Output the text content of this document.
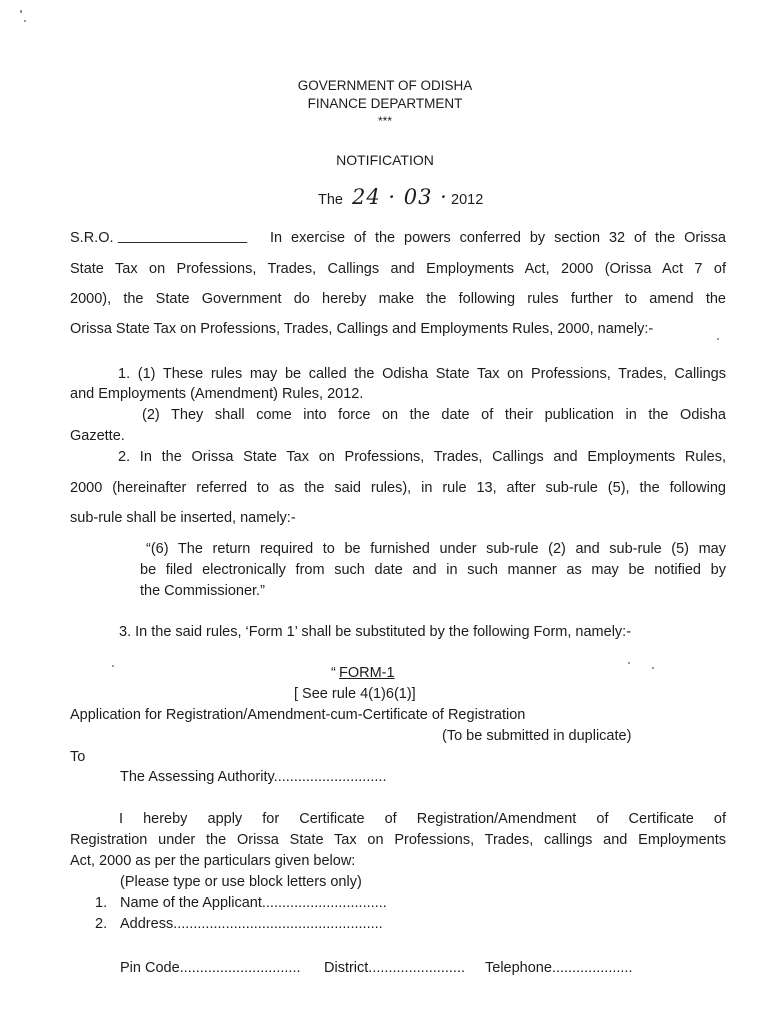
GOVERNMENT OF ODISHA
FINANCE DEPARTMENT
***
NOTIFICATION
The 24 · 03 · 2012
S.R.O. ________________ In exercise of the powers conferred by section 32 of the Orissa
State Tax on Professions, Trades, Callings and Employments Act, 2000 (Orissa Act 7 of
2000), the State Government do hereby make the following rules further to amend the
Orissa State Tax on Professions, Trades, Callings and Employments Rules, 2000, namely:-
1. (1) These rules may be called the Odisha State Tax on Professions, Trades, Callings
and Employments (Amendment) Rules, 2012.
(2) They shall come into force on the date of their publication in the Odisha
Gazette.
2. In the Orissa State Tax on Professions, Trades, Callings and Employments Rules,
2000 (hereinafter referred to as the said rules), in rule 13, after sub-rule (5), the following
sub-rule shall be inserted, namely:-
“(6) The return required to be furnished under sub-rule (2) and sub-rule (5) may
be filed electronically from such date and in such manner as may be notified by
the Commissioner.”
3. In the said rules, ‘Form 1’ shall be substituted by the following Form, namely:-
“ FORM-1
[ See rule 4(1)6(1)]
Application for Registration/Amendment-cum-Certificate of Registration
(To be submitted in duplicate)
To
The Assessing Authority............................
I hereby apply for Certificate of Registration/Amendment of Certificate of
Registration under the Orissa State Tax on Professions, Trades, callings and Employments
Act, 2000 as per the particulars given below:
(Please type or use block letters only)
1. Name of the Applicant...............................
2. Address....................................................
Pin Code.............................. District........................ Telephone....................
